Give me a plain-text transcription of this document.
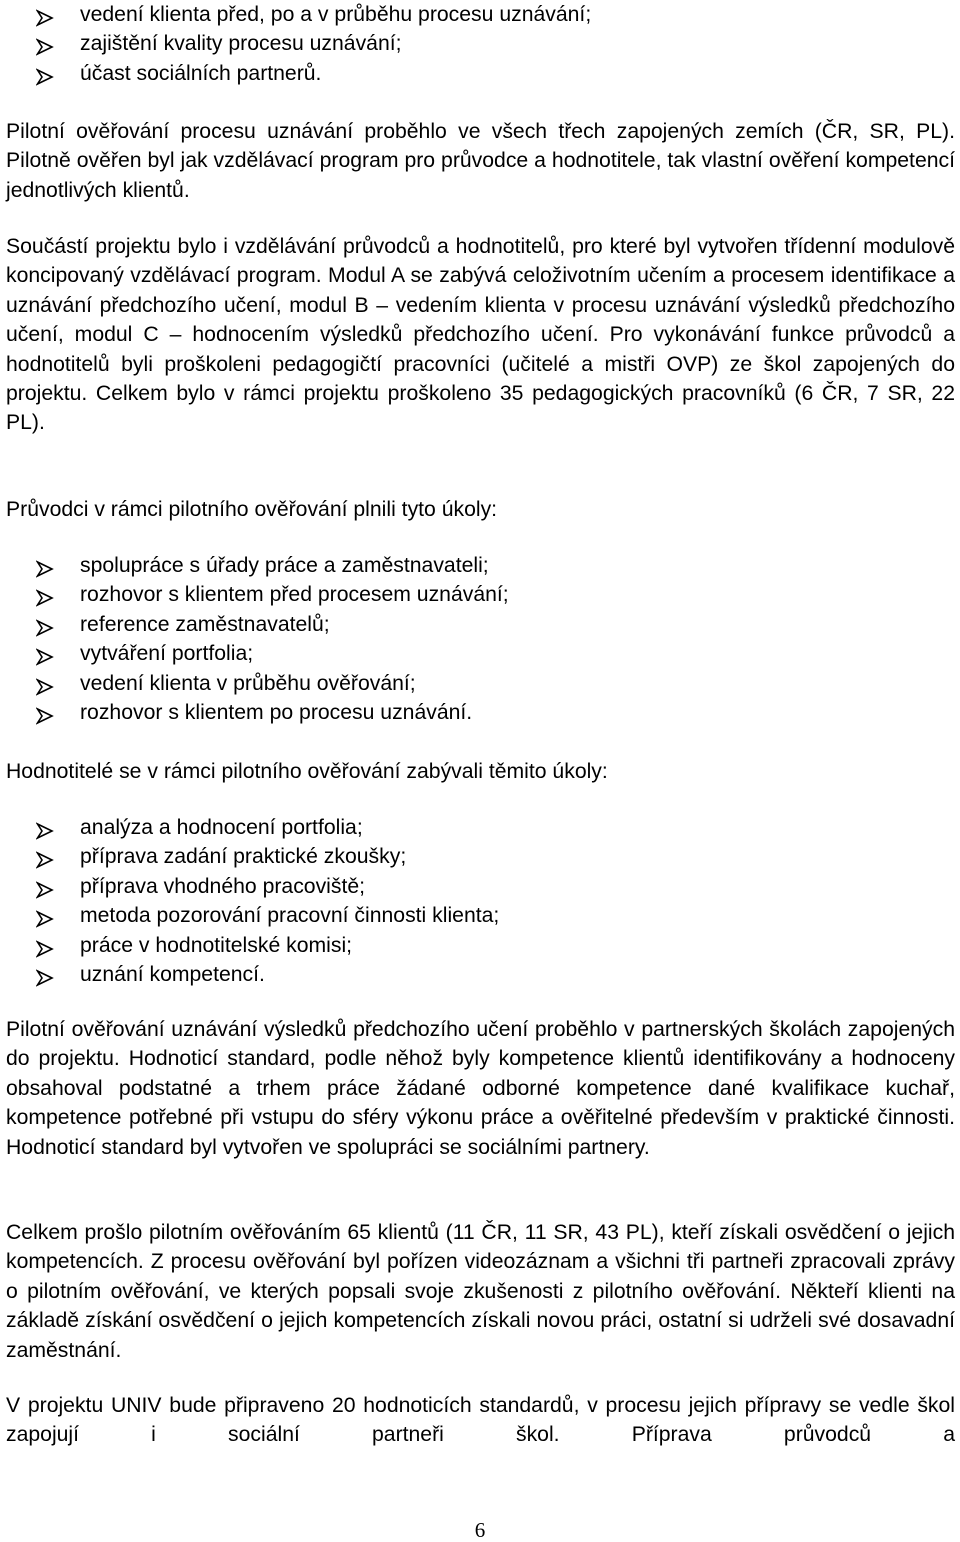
vedení klienta před, po a v průběhu procesu uznávání;
zajištění kvality procesu uznávání;
účast sociálních partnerů.

Pilotní ověřování procesu uznávání proběhlo ve všech třech zapojených zemích (ČR, SR, PL). Pilotně ověřen byl jak vzdělávací program pro průvodce a hodnotitele, tak vlastní ověření kompetencí jednotlivých klientů.

Součástí projektu bylo i vzdělávání průvodců a hodnotitelů, pro které byl vytvořen třídenní modulově koncipovaný vzdělávací program. Modul A se zabývá celoživotním učením a procesem identifikace a uznávání předchozího učení, modul B – vedením klienta v procesu uznávání výsledků předchozího učení, modul C – hodnocením výsledků předchozího učení. Pro vykonávání funkce průvodců a hodnotitelů byli proškoleni pedagogičtí pracovníci (učitelé a mistři OVP) ze škol zapojených do projektu. Celkem bylo v rámci projektu proškoleno 35 pedagogických pracovníků (6 ČR, 7 SR, 22 PL).

Průvodci v rámci pilotního ověřování plnili tyto úkoly:

spolupráce s úřady práce a zaměstnavateli;
rozhovor s klientem před procesem uznávání;
reference zaměstnavatelů;
vytváření portfolia;
vedení klienta v průběhu ověřování;
rozhovor s klientem po procesu uznávání.

Hodnotitelé se v rámci pilotního ověřování zabývali těmito úkoly:

analýza a hodnocení portfolia;
příprava zadání praktické zkoušky;
příprava vhodného pracoviště;
metoda pozorování pracovní činnosti klienta;
práce v hodnotitelské komisi;
uznání kompetencí.

Pilotní ověřování uznávání výsledků předchozího učení proběhlo v partnerských školách zapojených do projektu. Hodnoticí standard, podle něhož byly kompetence klientů identifikovány a hodnoceny obsahoval podstatné a trhem práce žádané odborné kompetence dané kvalifikace kuchař, kompetence potřebné při vstupu do sféry výkonu práce a ověřitelné především v praktické činnosti. Hodnoticí standard byl vytvořen ve spolupráci se sociálními partnery.

Celkem prošlo pilotním ověřováním 65 klientů (11 ČR, 11 SR, 43 PL), kteří získali osvědčení o jejich kompetencích. Z procesu ověřování byl pořízen videozáznam a všichni tři partneři zpracovali zprávy o pilotním ověřování, ve kterých popsali svoje zkušenosti z pilotního ověřování. Někteří klienti na základě získání osvědčení o jejich kompetencích získali novou práci, ostatní si udrželi své dosavadní zaměstnání.

V projektu UNIV bude připraveno 20 hodnoticích standardů, v procesu jejich přípravy se vedle škol zapojují i sociální partneři škol. Příprava průvodců a

6
